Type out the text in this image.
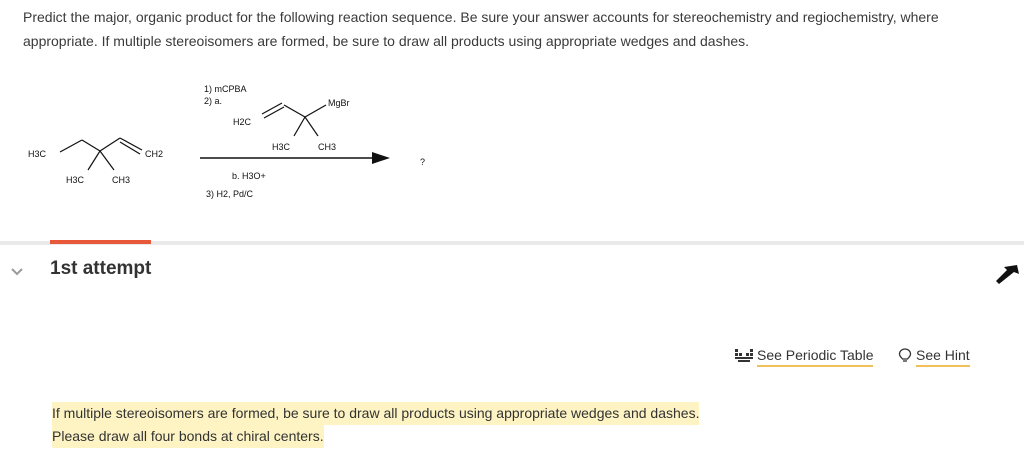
Predict the major, organic product for the following reaction sequence. Be sure your answer accounts for stereochemistry and regiochemistry, where
appropriate. If multiple stereoisomers are formed, be sure to draw all products using appropriate wedges and dashes.
H3C	CH2
H3C	CH3
1) mCPBA
2) a.
H2C
MgBr
H3C	CH3
b. H3O+
3) H2, Pd/C
?
1st attempt
See Periodic Table	See Hint
If multiple stereoisomers are formed, be sure to draw all products using appropriate wedges and dashes.
Please draw all four bonds at chiral centers.
